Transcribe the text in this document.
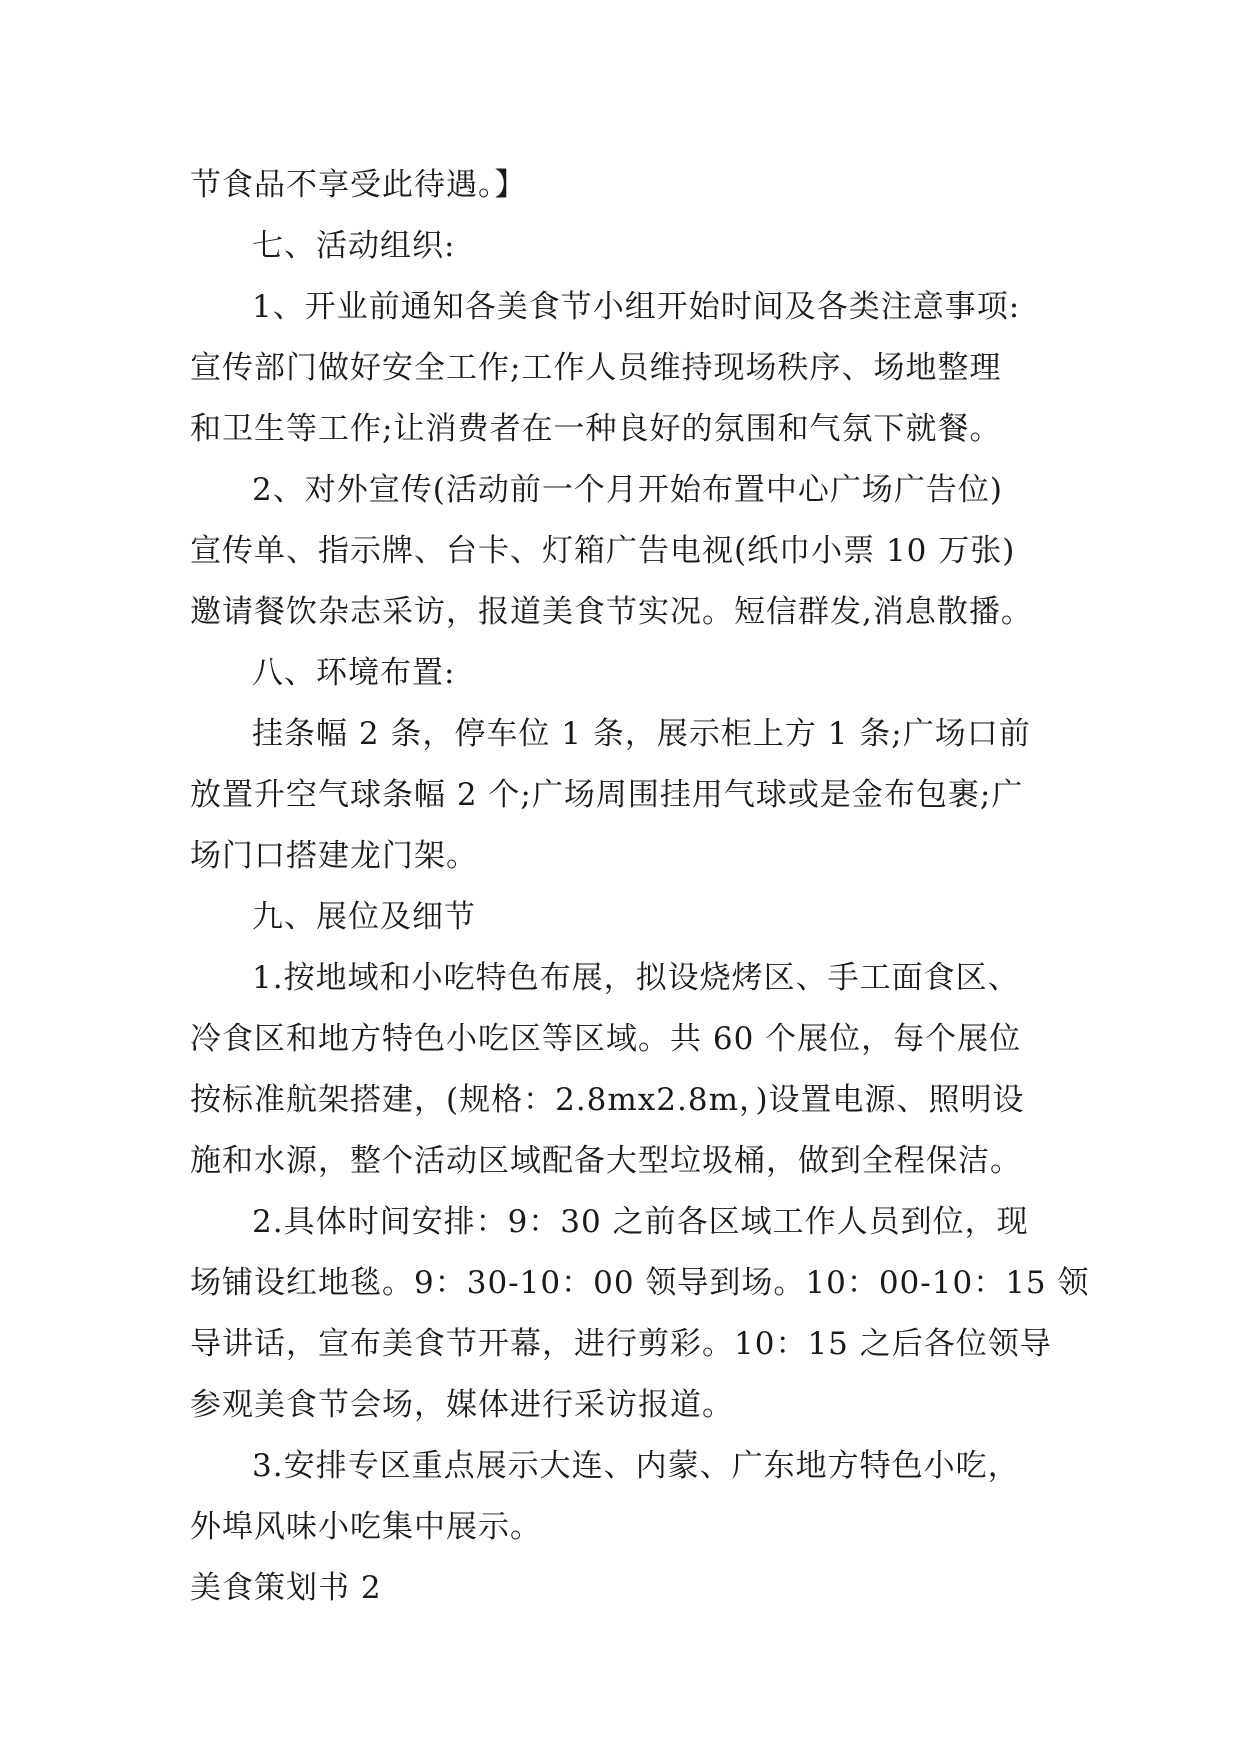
节食品不享受此待遇。】
七、活动组织:
1、开业前通知各美食节小组开始时间及各类注意事项:
宣传部门做好安全工作;工作人员维持现场秩序、场地整理
和卫生等工作;让消费者在一种良好的氛围和气氛下就餐。
2、对外宣传(活动前一个月开始布置中心广场广告位)
宣传单、指示牌、台卡、灯箱广告电视(纸巾小票 10 万张)
邀请餐饮杂志采访，报道美食节实况。短信群发,消息散播。
八、环境布置:
挂条幅 2 条，停车位 1 条，展示柜上方 1 条;广场口前
放置升空气球条幅 2 个;广场周围挂用气球或是金布包裹;广
场门口搭建龙门架。
九、展位及细节
1.按地域和小吃特色布展，拟设烧烤区、手工面食区、
冷食区和地方特色小吃区等区域。共 60 个展位，每个展位
按标准航架搭建，(规格：2.8mx2.8m，)设置电源、照明设
施和水源，整个活动区域配备大型垃圾桶，做到全程保洁。
2.具体时间安排：9：30 之前各区域工作人员到位，现
场铺设红地毯。9：30-10：00 领导到场。10：00-10：15 领
导讲话，宣布美食节开幕，进行剪彩。10：15 之后各位领导
参观美食节会场，媒体进行采访报道。
3.安排专区重点展示大连、内蒙、广东地方特色小吃，
外埠风味小吃集中展示。
美食策划书 2
